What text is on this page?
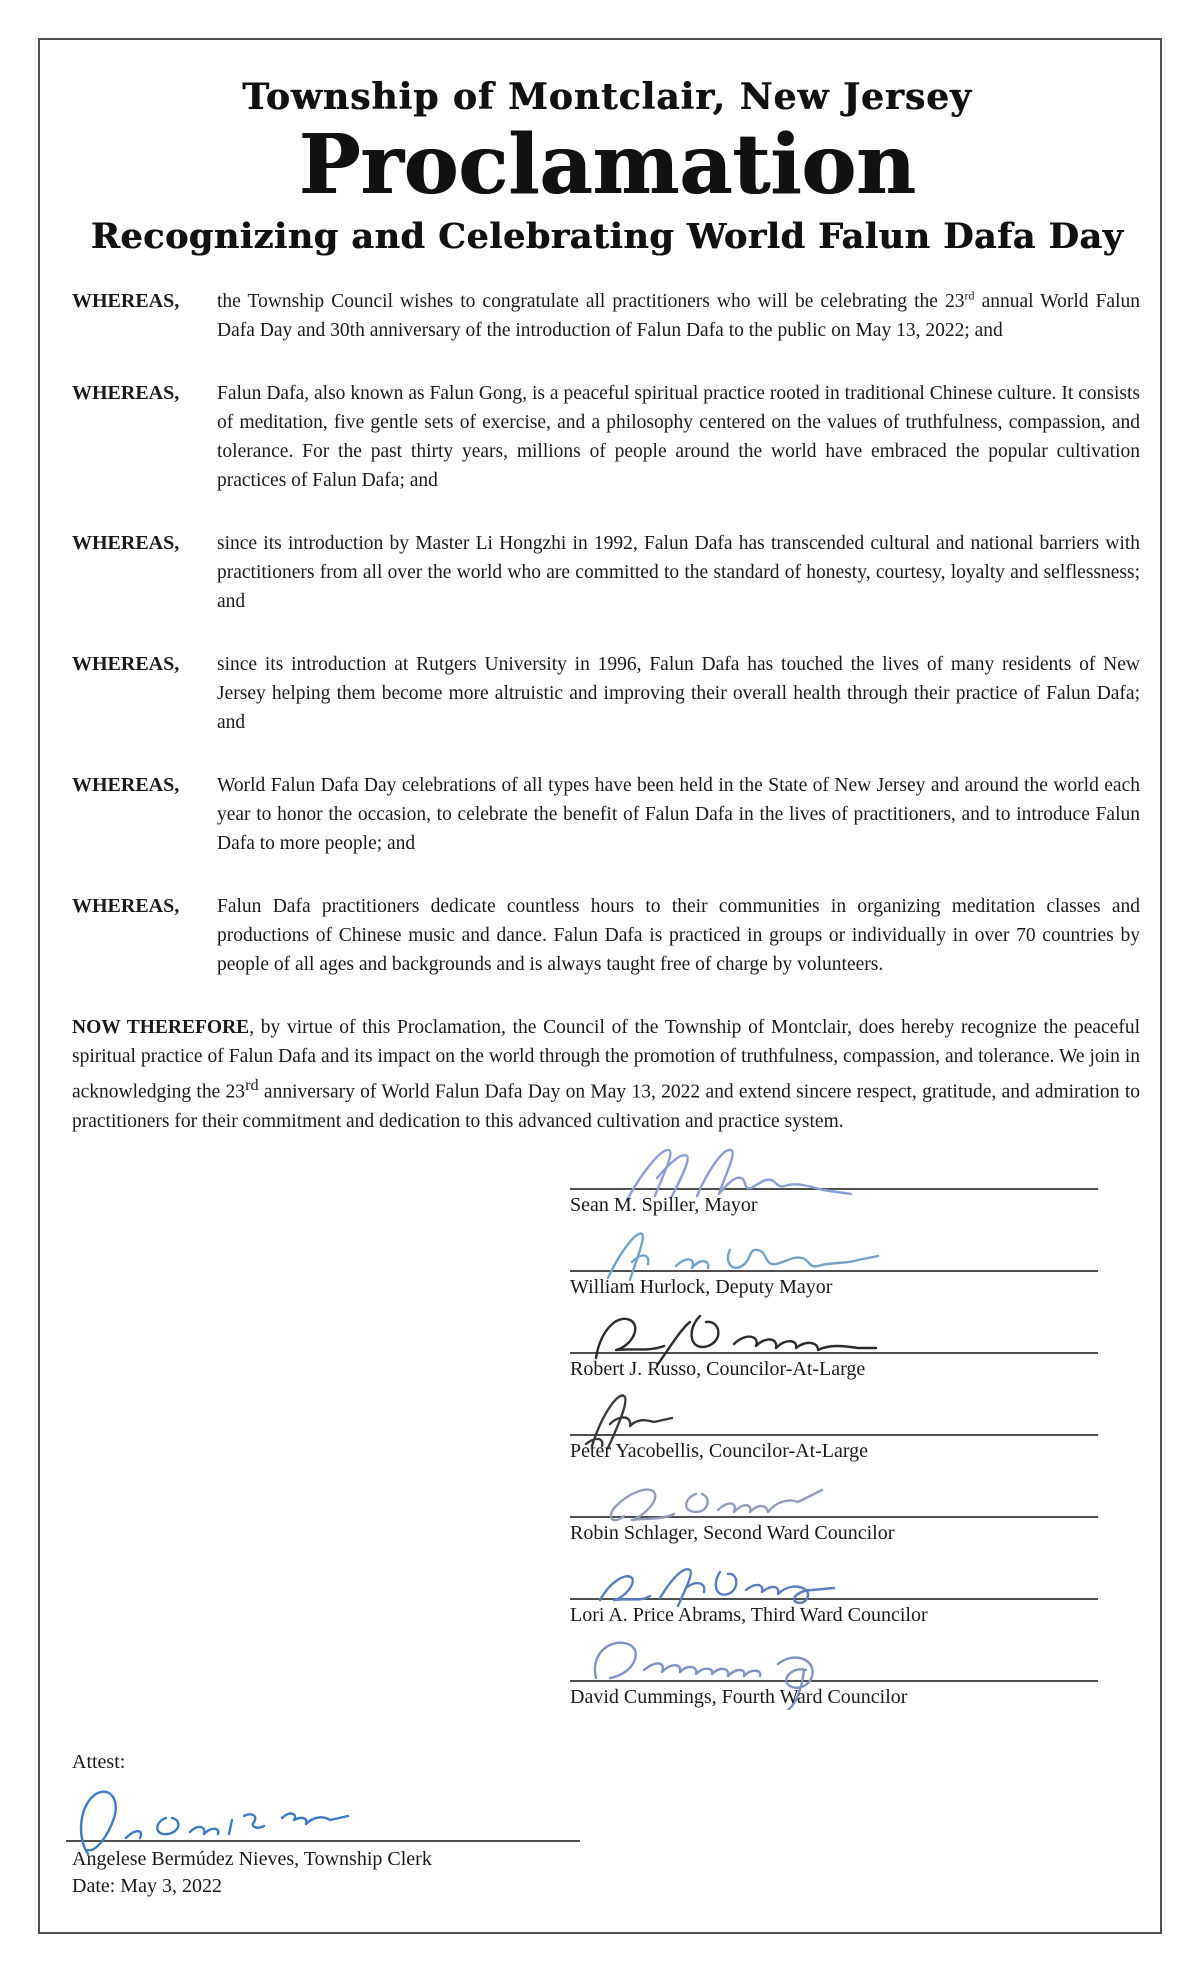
Township of Montclair, New Jersey
Proclamation
Recognizing and Celebrating World Falun Dafa Day
WHEREAS,	the Township Council wishes to congratulate all practitioners who will be celebrating the 23rd annual World Falun Dafa Day and 30th anniversary of the introduction of Falun Dafa to the public on May 13, 2022; and
WHEREAS,	Falun Dafa, also known as Falun Gong, is a peaceful spiritual practice rooted in traditional Chinese culture. It consists of meditation, five gentle sets of exercise, and a philosophy centered on the values of truthfulness, compassion, and tolerance. For the past thirty years, millions of people around the world have embraced the popular cultivation practices of Falun Dafa; and
WHEREAS,	since its introduction by Master Li Hongzhi in 1992, Falun Dafa has transcended cultural and national barriers with practitioners from all over the world who are committed to the standard of honesty, courtesy, loyalty and selflessness; and
WHEREAS,	since its introduction at Rutgers University in 1996, Falun Dafa has touched the lives of many residents of New Jersey helping them become more altruistic and improving their overall health through their practice of Falun Dafa; and
WHEREAS,	World Falun Dafa Day celebrations of all types have been held in the State of New Jersey and around the world each year to honor the occasion, to celebrate the benefit of Falun Dafa in the lives of practitioners, and to introduce Falun Dafa to more people; and
WHEREAS,	Falun Dafa practitioners dedicate countless hours to their communities in organizing meditation classes and productions of Chinese music and dance. Falun Dafa is practiced in groups or individually in over 70 countries by people of all ages and backgrounds and is always taught free of charge by volunteers.

NOW THEREFORE, by virtue of this Proclamation, the Council of the Township of Montclair, does hereby recognize the peaceful spiritual practice of Falun Dafa and its impact on the world through the promotion of truthfulness, compassion, and tolerance. We join in acknowledging the 23rd anniversary of World Falun Dafa Day on May 13, 2022 and extend sincere respect, gratitude, and admiration to practitioners for their commitment and dedication to this advanced cultivation and practice system.

Sean M. Spiller, Mayor
William Hurlock, Deputy Mayor
Robert J. Russo, Councilor-At-Large
Peter Yacobellis, Councilor-At-Large
Robin Schlager, Second Ward Councilor
Lori A. Price Abrams, Third Ward Councilor
David Cummings, Fourth Ward Councilor
Attest:
Angelese Bermúdez Nieves, Township Clerk
Date: May 3, 2022
